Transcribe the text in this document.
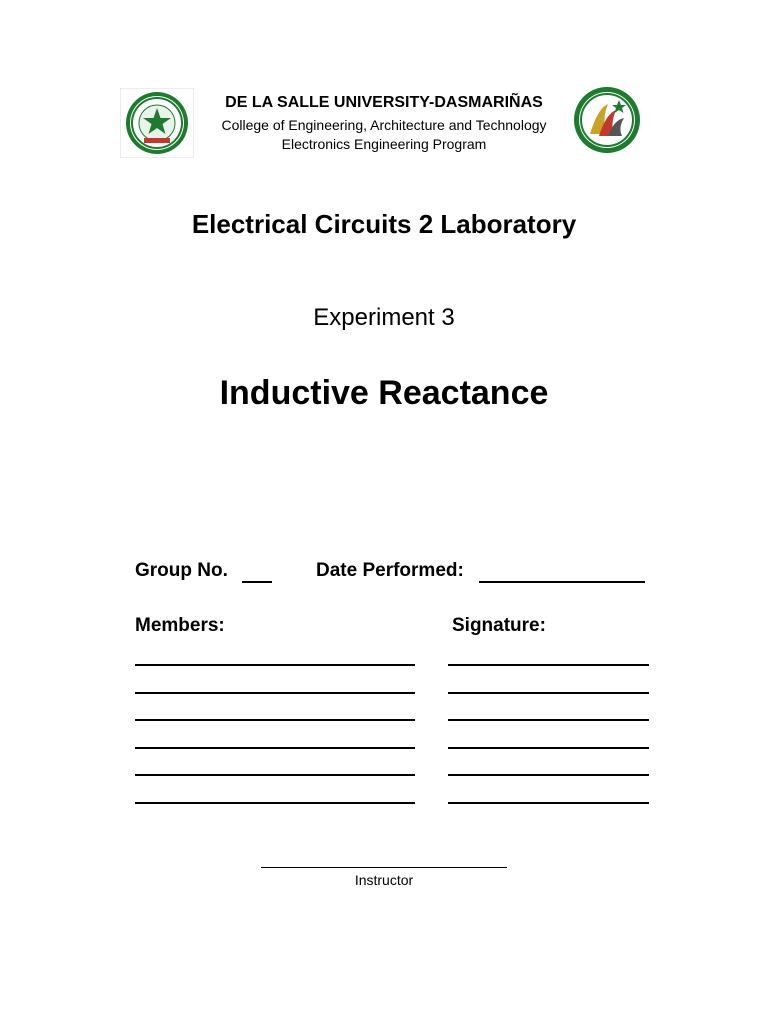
DE LA SALLE UNIVERSITY-DASMARIÑAS
College of Engineering, Architecture and Technology
Electronics Engineering Program
Electrical Circuits 2 Laboratory
Experiment 3
Inductive Reactance
Group No.	Date Performed:
Members:	Signature:
Instructor
